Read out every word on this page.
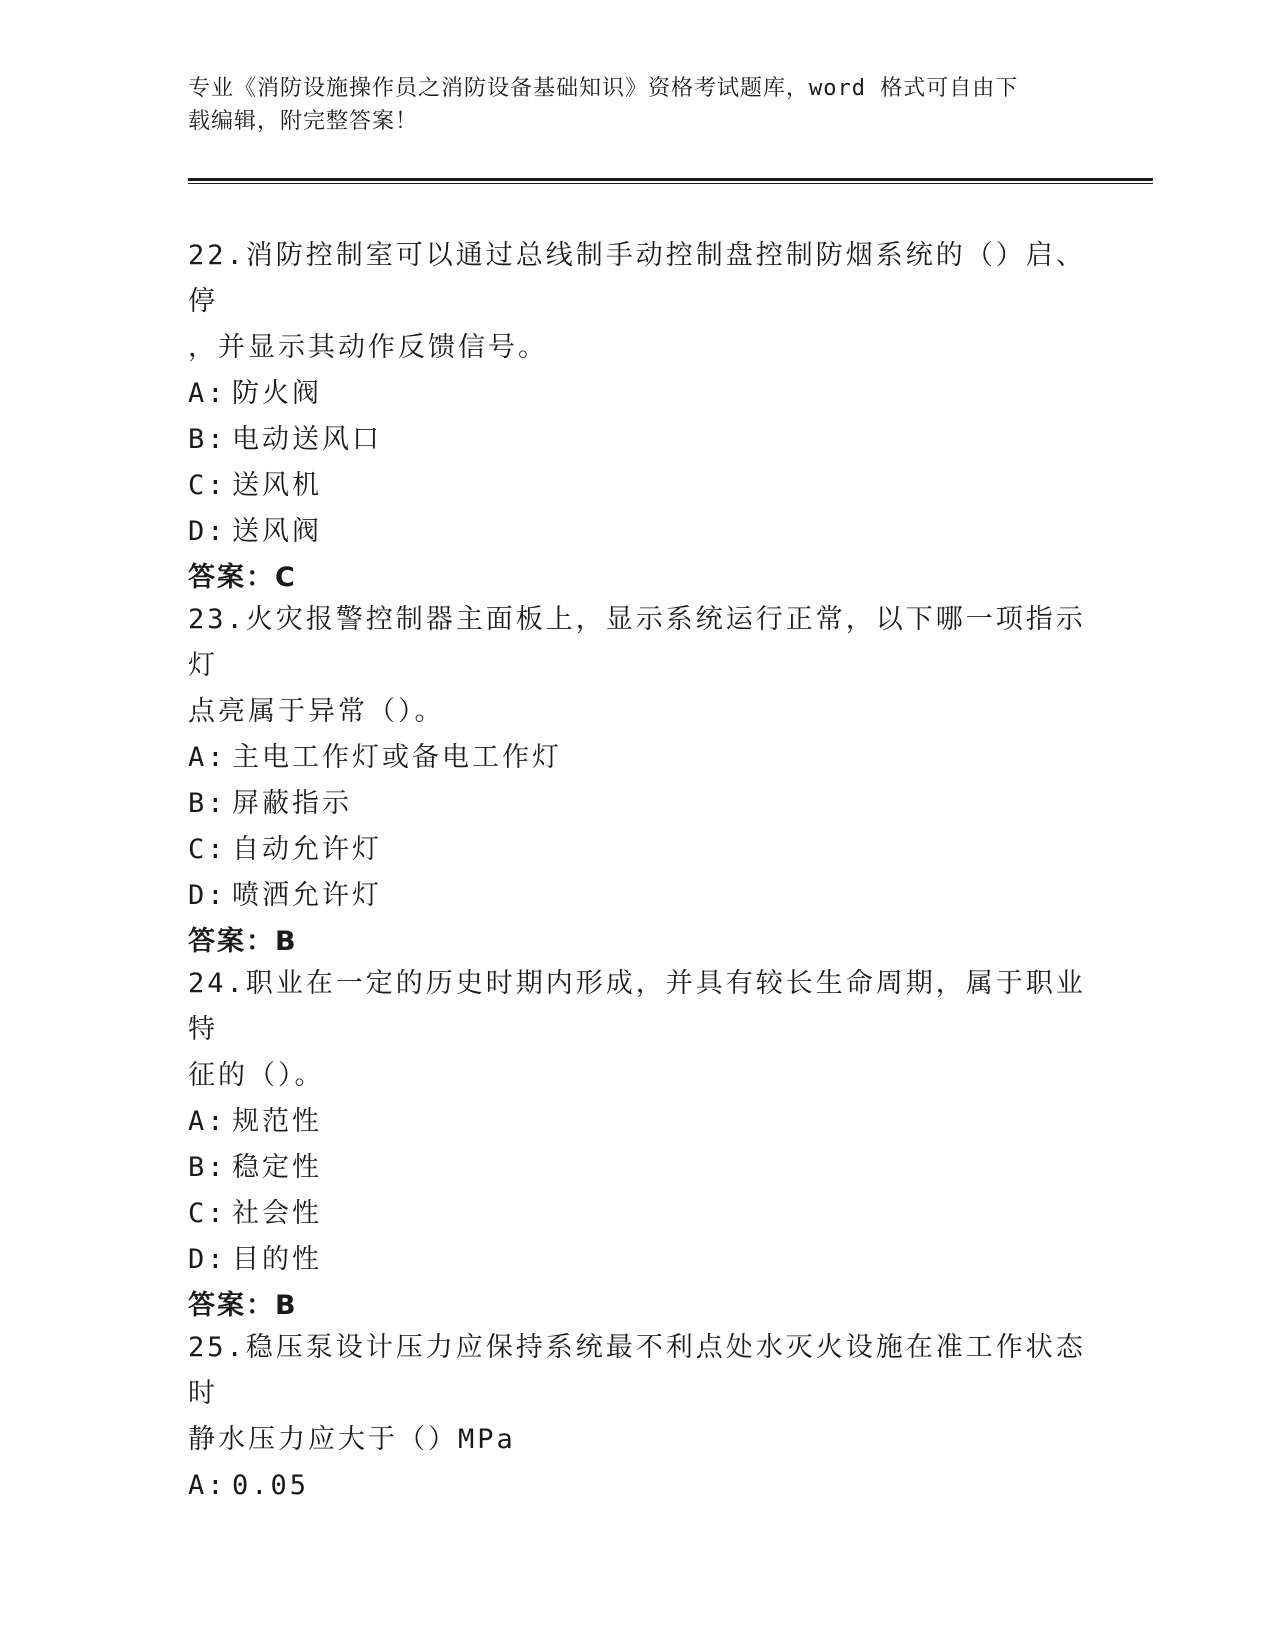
专业《消防设施操作员之消防设备基础知识》资格考试题库，word 格式可自由下
载编辑，附完整答案！

22.消防控制室可以通过总线制手动控制盘控制防烟系统的（）启、停

，并显示其动作反馈信号。

A: 防火阀

B: 电动送风口

C: 送风机

D: 送风阀

答案：C

23.火灾报警控制器主面板上，显示系统运行正常，以下哪一项指示灯

点亮属于异常（）。

A: 主电工作灯或备电工作灯

B: 屏蔽指示

C: 自动允许灯

D: 喷洒允许灯

答案：B

24.职业在一定的历史时期内形成，并具有较长生命周期，属于职业特

征的（）。

A: 规范性

B: 稳定性

C: 社会性

D: 目的性

答案：B

25.稳压泵设计压力应保持系统最不利点处水灭火设施在准工作状态时

静水压力应大于（）MPa

A: 0.05
